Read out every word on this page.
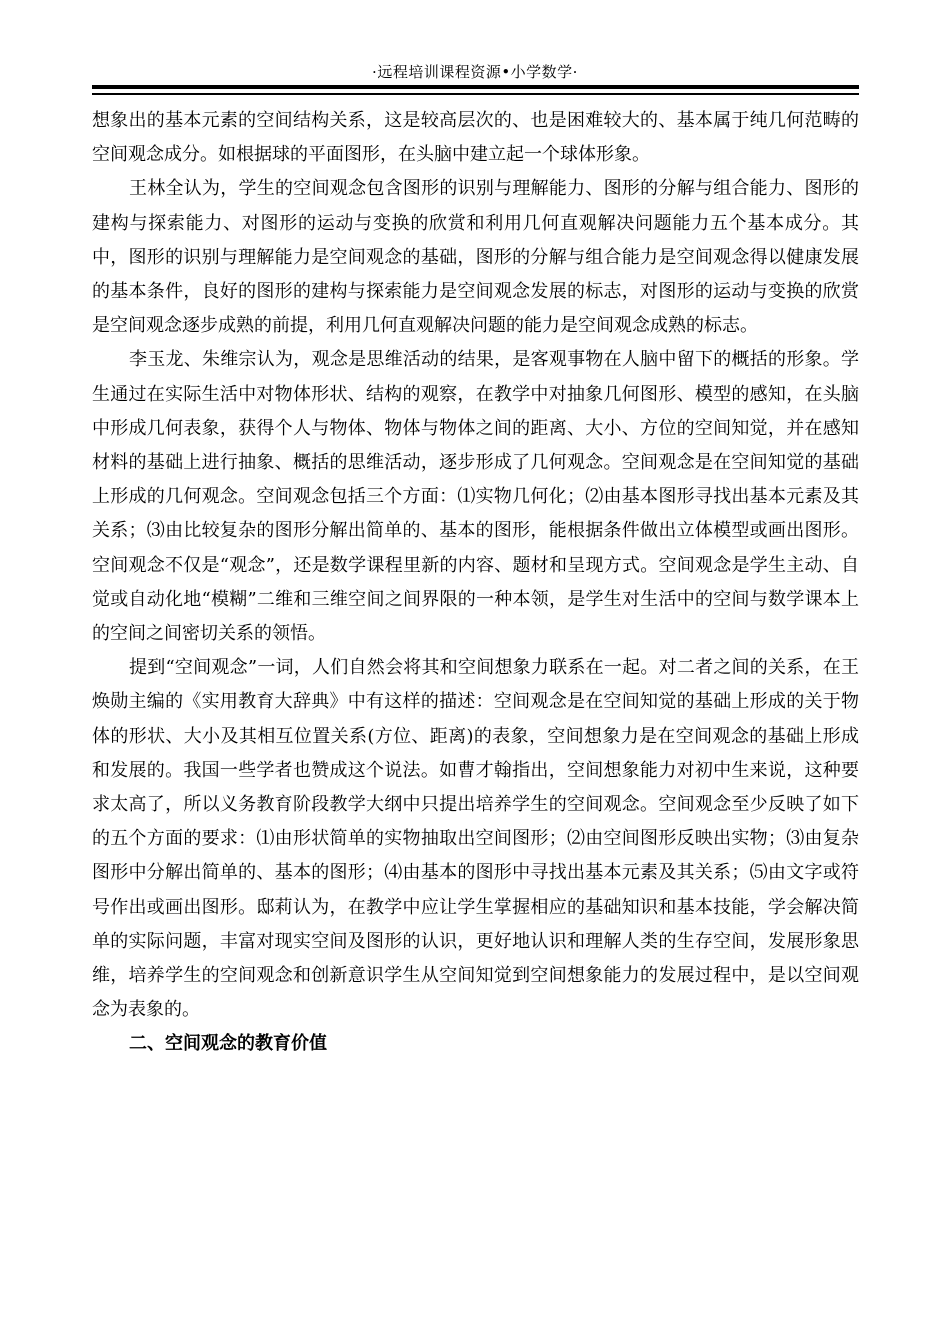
·远程培训课程资源•小学数学·

想象出的基本元素的空间结构关系，这是较高层次的、也是困难较大的、基本属于纯几何范畴的空间观念成分。如根据球的平面图形，在头脑中建立起一个球体形象。

王林全认为，学生的空间观念包含图形的识别与理解能力、图形的分解与组合能力、图形的建构与探索能力、对图形的运动与变换的欣赏和利用几何直观解决问题能力五个基本成分。其中，图形的识别与理解能力是空间观念的基础，图形的分解与组合能力是空间观念得以健康发展的基本条件，良好的图形的建构与探索能力是空间观念发展的标志，对图形的运动与变换的欣赏是空间观念逐步成熟的前提，利用几何直观解决问题的能力是空间观念成熟的标志。

李玉龙、朱维宗认为，观念是思维活动的结果，是客观事物在人脑中留下的概括的形象。学生通过在实际生活中对物体形状、结构的观察，在教学中对抽象几何图形、模型的感知，在头脑中形成几何表象，获得个人与物体、物体与物体之间的距离、大小、方位的空间知觉，并在感知材料的基础上进行抽象、概括的思维活动，逐步形成了几何观念。空间观念是在空间知觉的基础上形成的几何观念。空间观念包括三个方面：⑴实物几何化；⑵由基本图形寻找出基本元素及其关系；⑶由比较复杂的图形分解出简单的、基本的图形，能根据条件做出立体模型或画出图形。空间观念不仅是“观念”，还是数学课程里新的内容、题材和呈现方式。空间观念是学生主动、自觉或自动化地“模糊”二维和三维空间之间界限的一种本领，是学生对生活中的空间与数学课本上的空间之间密切关系的领悟。

提到“空间观念”一词，人们自然会将其和空间想象力联系在一起。对二者之间的关系，在王焕勋主编的《实用教育大辞典》中有这样的描述：空间观念是在空间知觉的基础上形成的关于物体的形状、大小及其相互位置关系(方位、距离)的表象，空间想象力是在空间观念的基础上形成和发展的。我国一些学者也赞成这个说法。如曹才翰指出，空间想象能力对初中生来说，这种要求太高了，所以义务教育阶段教学大纲中只提出培养学生的空间观念。空间观念至少反映了如下的五个方面的要求：⑴由形状简单的实物抽取出空间图形；⑵由空间图形反映出实物；⑶由复杂图形中分解出简单的、基本的图形；⑷由基本的图形中寻找出基本元素及其关系；⑸由文字或符号作出或画出图形。邸莉认为，在教学中应让学生掌握相应的基础知识和基本技能，学会解决简单的实际问题，丰富对现实空间及图形的认识，更好地认识和理解人类的生存空间，发展形象思维，培养学生的空间观念和创新意识学生从空间知觉到空间想象能力的发展过程中，是以空间观念为表象的。

二、空间观念的教育价值
